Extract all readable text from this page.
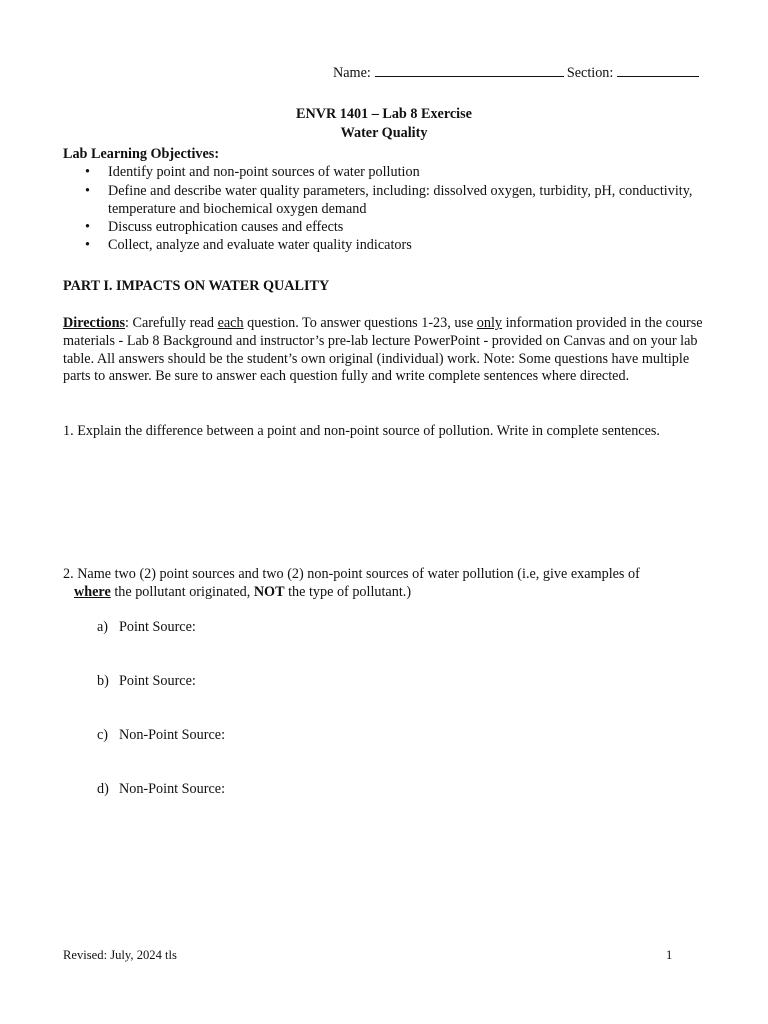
Name:	Section:
ENVR 1401 – Lab 8 Exercise
Water Quality
Lab Learning Objectives:
• Identify point and non-point sources of water pollution
• Define and describe water quality parameters, including: dissolved oxygen, turbidity, pH, conductivity, temperature and biochemical oxygen demand
• Discuss eutrophication causes and effects
• Collect, analyze and evaluate water quality indicators
PART I. IMPACTS ON WATER QUALITY
Directions: Carefully read each question. To answer questions 1-23, use only information provided in the course materials - Lab 8 Background and instructor’s pre-lab lecture PowerPoint - provided on Canvas and on your lab table. All answers should be the student’s own original (individual) work. Note: Some questions have multiple parts to answer. Be sure to answer each question fully and write complete sentences where directed.
1. Explain the difference between a point and non-point source of pollution. Write in complete sentences.
2. Name two (2) point sources and two (2) non-point sources of water pollution (i.e, give examples of
where the pollutant originated, NOT the type of pollutant.)
a) Point Source:
b) Point Source:
c) Non-Point Source:
d) Non-Point Source:
Revised: July, 2024 tls	1
